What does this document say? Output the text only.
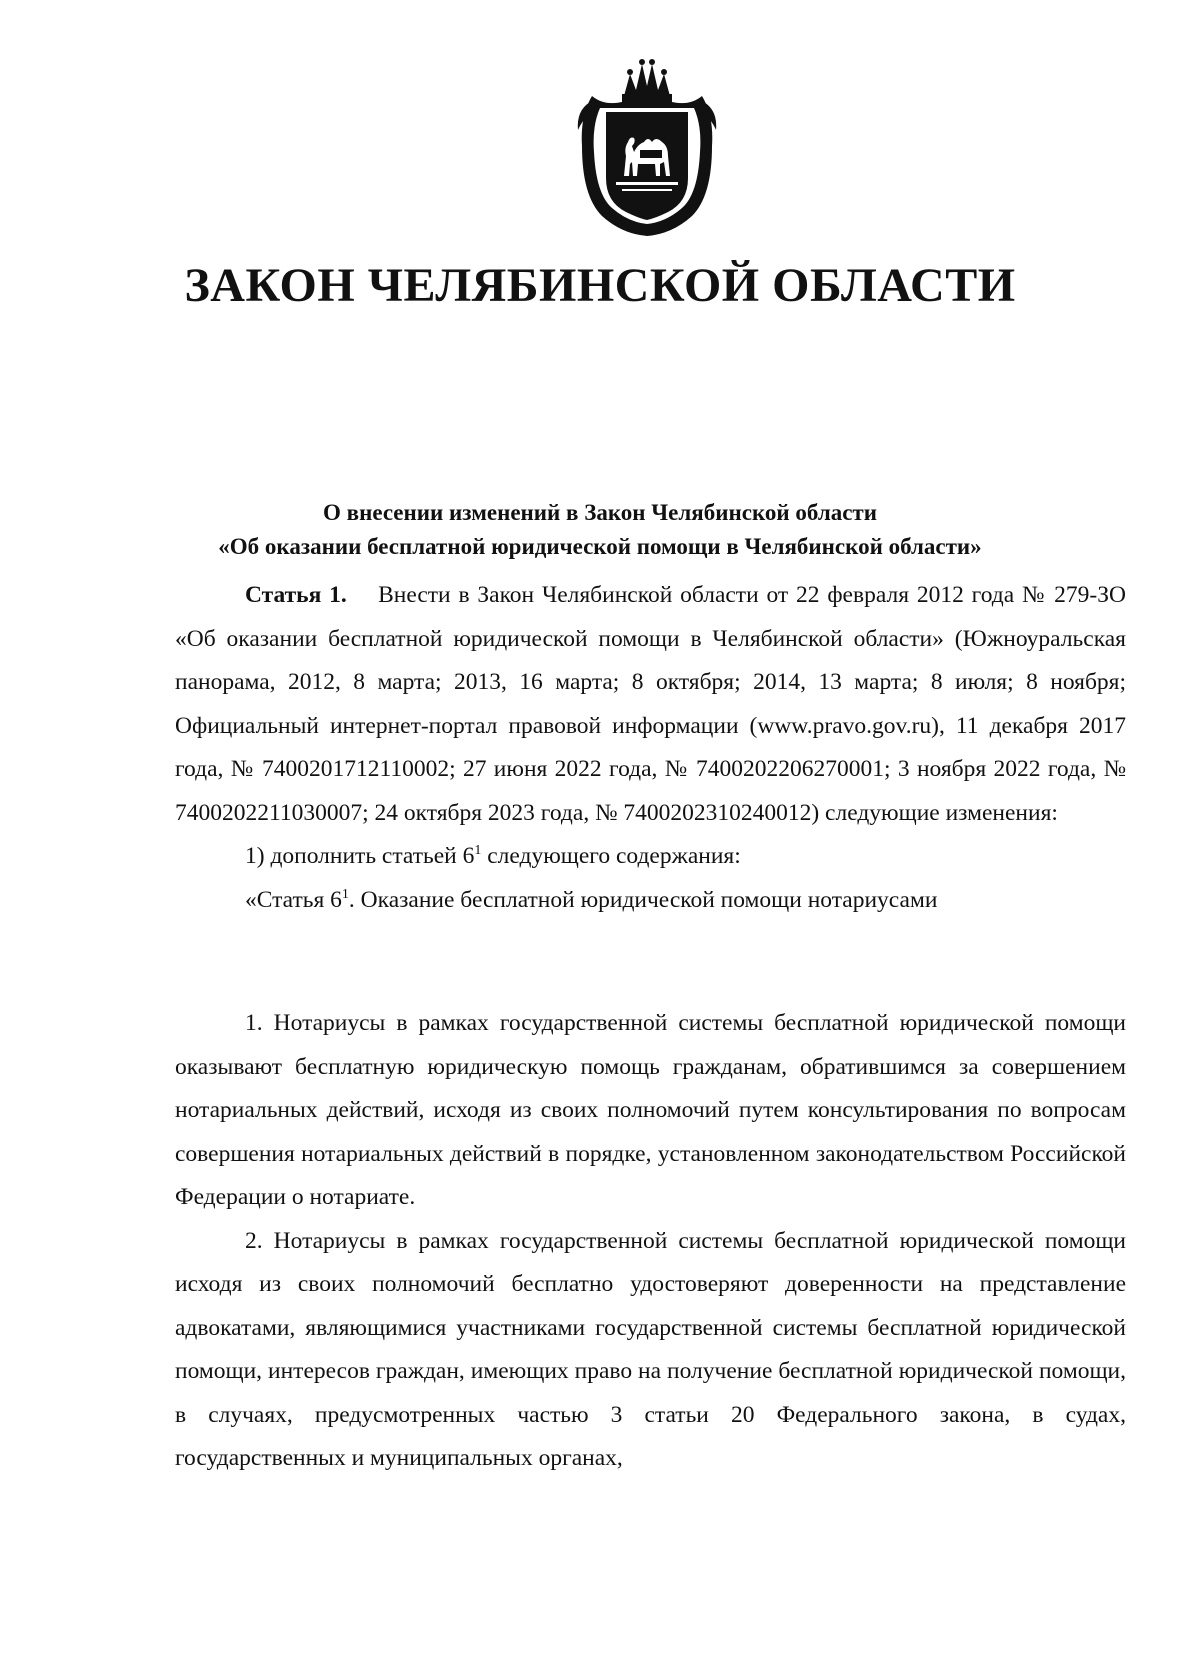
ЗАКОН ЧЕЛЯБИНСКОЙ ОБЛАСТИ
О внесении изменений в Закон Челябинской области
«Об оказании бесплатной юридической помощи в Челябинской области»

Статья 1. Внести в Закон Челябинской области от 22 февраля 2012 года № 279-ЗО «Об оказании бесплатной юридической помощи в Челябинской области» (Южноуральская панорама, 2012, 8 марта; 2013, 16 марта; 8 октября; 2014, 13 марта; 8 июля; 8 ноября; Официальный интернет-портал правовой информации (www.pravo.gov.ru), 11 декабря 2017 года, № 7400201712110002; 27 июня 2022 года, № 7400202206270001; 3 ноября 2022 года, № 7400202211030007; 24 октября 2023 года, № 7400202310240012) следующие изменения:

1) дополнить статьей $6^1$ следующего содержания:

«Статья $6^1$. Оказание бесплатной юридической помощи нотариусами

1. Нотариусы в рамках государственной системы бесплатной юридической помощи оказывают бесплатную юридическую помощь гражданам, обратившимся за совершением нотариальных действий, исходя из своих полномочий путем консультирования по вопросам совершения нотариальных действий в порядке, установленном законодательством Российской Федерации о нотариате.

2. Нотариусы в рамках государственной системы бесплатной юридической помощи исходя из своих полномочий бесплатно удостоверяют доверенности на представление адвокатами, являющимися участниками государственной системы бесплатной юридической помощи, интересов граждан, имеющих право на получение бесплатной юридической помощи, в случаях, предусмотренных частью 3 статьи 20 Федерального закона, в судах, государственных и муниципальных органах,
